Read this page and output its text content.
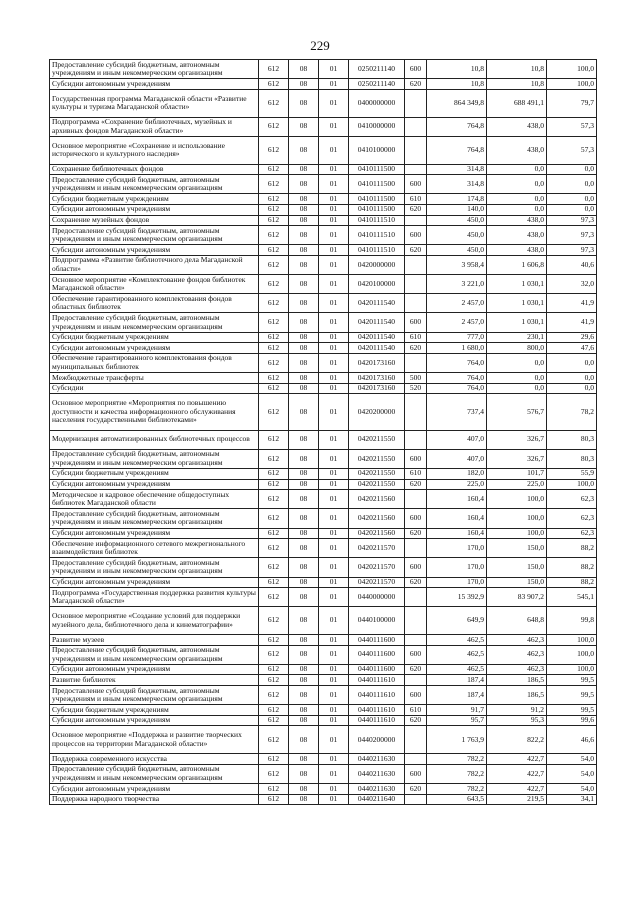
229
Предоставление субсидий бюджетным, автономным учреждениям и иным некоммерческим организациям	612	08	01	0250211140	600	10,8	10,8	100,0
Субсидии автономным учреждениям	612	08	01	0250211140	620	10,8	10,8	100,0
Государственная программа Магаданской области «Развитие культуры и туризма Магаданской области»	612	08	01	0400000000		864 349,8	688 491,1	79,7
Подпрограмма «Сохранение библиотечных, музейных и архивных фондов Магаданской области»	612	08	01	0410000000		764,8	438,0	57,3
Основное мероприятие «Сохранение и использование исторического и культурного наследия»	612	08	01	0410100000		764,8	438,0	57,3
Сохранение библиотечных фондов	612	08	01	0410111500		314,8	0,0	0,0
Предоставление субсидий бюджетным, автономным учреждениям и иным некоммерческим организациям	612	08	01	0410111500	600	314,8	0,0	0,0
Субсидии бюджетным учреждениям	612	08	01	0410111500	610	174,8	0,0	0,0
Субсидии автономным учреждениям	612	08	01	0410111500	620	140,0	0,0	0,0
Сохранение музейных фондов	612	08	01	0410111510		450,0	438,0	97,3
Предоставление субсидий бюджетным, автономным учреждениям и иным некоммерческим организациям	612	08	01	0410111510	600	450,0	438,0	97,3
Субсидии автономным учреждениям	612	08	01	0410111510	620	450,0	438,0	97,3
Подпрограмма «Развитие библиотечного дела Магаданской области»	612	08	01	0420000000		3 958,4	1 606,8	40,6
Основное мероприятие «Комплектование фондов библиотек Магаданской области»	612	08	01	0420100000		3 221,0	1 030,1	32,0
Обеспечение гарантированного комплектования фондов областных библиотек	612	08	01	0420111540		2 457,0	1 030,1	41,9
Предоставление субсидий бюджетным, автономным учреждениям и иным некоммерческим организациям	612	08	01	0420111540	600	2 457,0	1 030,1	41,9
Субсидии бюджетным учреждениям	612	08	01	0420111540	610	777,0	230,1	29,6
Субсидии автономным учреждениям	612	08	01	0420111540	620	1 680,0	800,0	47,6
Обеспечение гарантированного комплектования фондов муниципальных библиотек	612	08	01	0420173160		764,0	0,0	0,0
Межбюджетные трансферты	612	08	01	0420173160	500	764,0	0,0	0,0
Субсидии	612	08	01	0420173160	520	764,0	0,0	0,0
Основное мероприятие «Мероприятия по повышению доступности и качества информационного обслуживания населения государственными библиотеками»	612	08	01	0420200000		737,4	576,7	78,2
Модернизация автоматизированных библиотечных процессов	612	08	01	0420211550		407,0	326,7	80,3
Предоставление субсидий бюджетным, автономным учреждениям и иным некоммерческим организациям	612	08	01	0420211550	600	407,0	326,7	80,3
Субсидии бюджетным учреждениям	612	08	01	0420211550	610	182,0	101,7	55,9
Субсидии автономным учреждениям	612	08	01	0420211550	620	225,0	225,0	100,0
Методическое и кадровое обеспечение общедоступных библиотек Магаданской области	612	08	01	0420211560		160,4	100,0	62,3
Предоставление субсидий бюджетным, автономным учреждениям и иным некоммерческим организациям	612	08	01	0420211560	600	160,4	100,0	62,3
Субсидии автономным учреждениям	612	08	01	0420211560	620	160,4	100,0	62,3
Обеспечение информационного сетевого межрегионального взаимодействия библиотек	612	08	01	0420211570		170,0	150,0	88,2
Предоставление субсидий бюджетным, автономным учреждениям и иным некоммерческим организациям	612	08	01	0420211570	600	170,0	150,0	88,2
Субсидии автономным учреждениям	612	08	01	0420211570	620	170,0	150,0	88,2
Подпрограмма «Государственная поддержка развития культуры Магаданской области»	612	08	01	0440000000		15 392,9	83 907,2	545,1
Основное мероприятие «Создание условий для поддержки музейного дела, библиотечного дела и кинематографии»	612	08	01	0440100000		649,9	648,8	99,8
Развитие музеев	612	08	01	0440111600		462,5	462,3	100,0
Предоставление субсидий бюджетным, автономным учреждениям и иным некоммерческим организациям	612	08	01	0440111600	600	462,5	462,3	100,0
Субсидии автономным учреждениям	612	08	01	0440111600	620	462,5	462,3	100,0
Развитие библиотек	612	08	01	0440111610		187,4	186,5	99,5
Предоставление субсидий бюджетным, автономным учреждениям и иным некоммерческим организациям	612	08	01	0440111610	600	187,4	186,5	99,5
Субсидии бюджетным учреждениям	612	08	01	0440111610	610	91,7	91,2	99,5
Субсидии автономным учреждениям	612	08	01	0440111610	620	95,7	95,3	99,6
Основное мероприятие «Поддержка и развитие творческих процессов на территории Магаданской области»	612	08	01	0440200000		1 763,9	822,2	46,6
Поддержка современного искусства	612	08	01	0440211630		782,2	422,7	54,0
Предоставление субсидий бюджетным, автономным учреждениям и иным некоммерческим организациям	612	08	01	0440211630	600	782,2	422,7	54,0
Субсидии автономным учреждениям	612	08	01	0440211630	620	782,2	422,7	54,0
Поддержка народного творчества	612	08	01	0440211640		643,5	219,5	34,1
